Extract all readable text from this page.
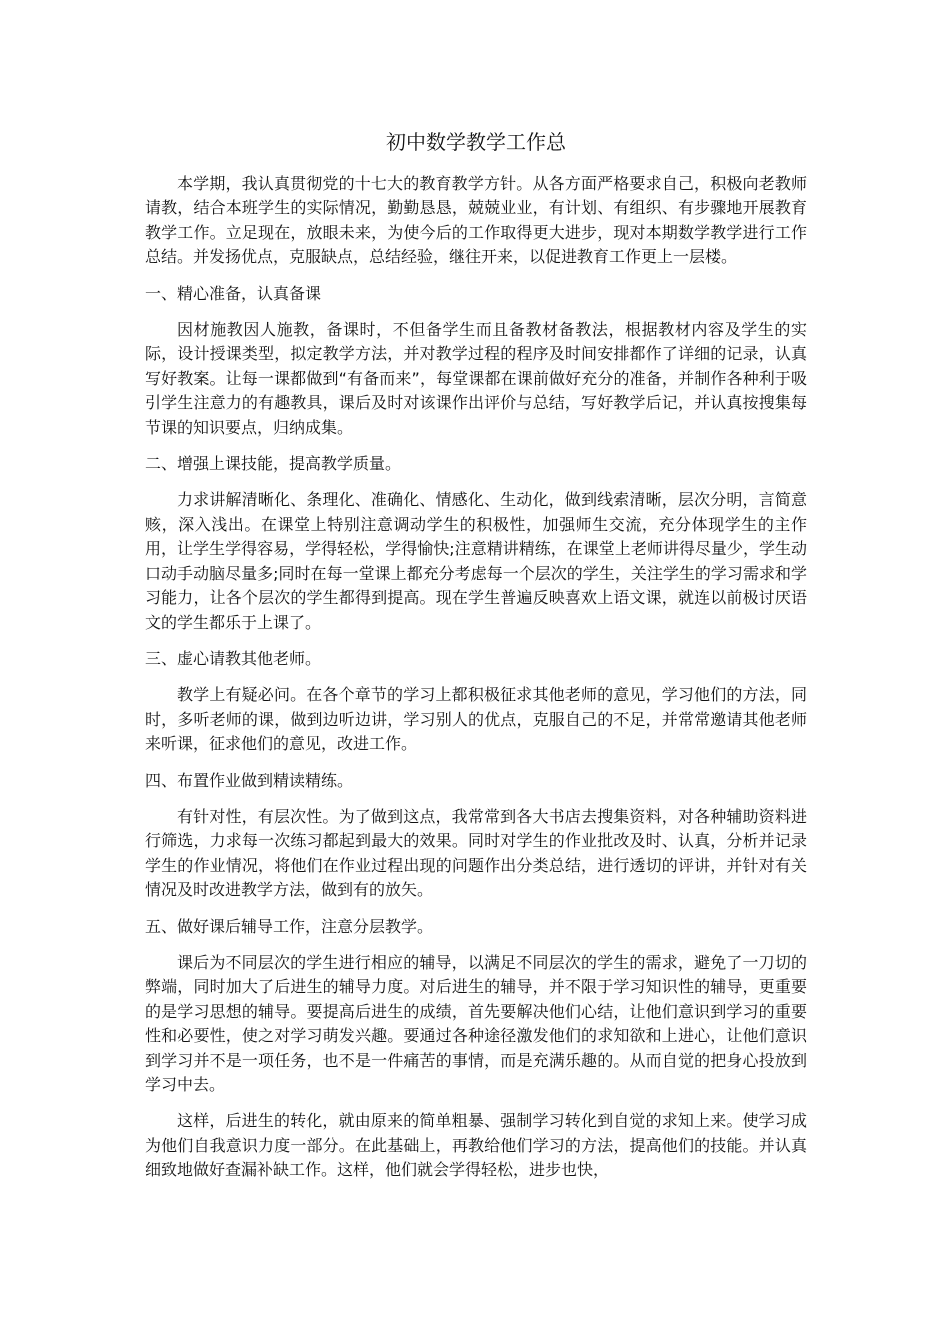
初中数学教学工作总

本学期，我认真贯彻党的十七大的教育教学方针。从各方面严格要求自己，积极向老教师请教，结合本班学生的实际情况，勤勤恳恳，兢兢业业，有计划、有组织、有步骤地开展教育教学工作。立足现在，放眼未来，为使今后的工作取得更大进步，现对本期数学教学进行工作总结。并发扬优点，克服缺点，总结经验，继往开来，以促进教育工作更上一层楼。

一、精心准备，认真备课

因材施教因人施教，备课时，不但备学生而且备教材备教法，根据教材内容及学生的实际，设计授课类型，拟定教学方法，并对教学过程的程序及时间安排都作了详细的记录，认真写好教案。让每一课都做到“有备而来”，每堂课都在课前做好充分的准备，并制作各种利于吸引学生注意力的有趣教具，课后及时对该课作出评价与总结，写好教学后记，并认真按搜集每节课的知识要点，归纳成集。

二、增强上课技能，提高教学质量。

力求讲解清晰化、条理化、准确化、情感化、生动化，做到线索清晰，层次分明，言简意赅，深入浅出。在课堂上特别注意调动学生的积极性，加强师生交流，充分体现学生的主作用，让学生学得容易，学得轻松，学得愉快;注意精讲精练，在课堂上老师讲得尽量少，学生动口动手动脑尽量多;同时在每一堂课上都充分考虑每一个层次的学生，关注学生的学习需求和学习能力，让各个层次的学生都得到提高。现在学生普遍反映喜欢上语文课，就连以前极讨厌语文的学生都乐于上课了。

三、虚心请教其他老师。

教学上有疑必问。在各个章节的学习上都积极征求其他老师的意见，学习他们的方法，同时，多听老师的课，做到边听边讲，学习别人的优点，克服自己的不足，并常常邀请其他老师来听课，征求他们的意见，改进工作。

四、布置作业做到精读精练。

有针对性，有层次性。为了做到这点，我常常到各大书店去搜集资料，对各种辅助资料进行筛选，力求每一次练习都起到最大的效果。同时对学生的作业批改及时、认真，分析并记录学生的作业情况，将他们在作业过程出现的问题作出分类总结，进行透切的评讲，并针对有关情况及时改进教学方法，做到有的放矢。

五、做好课后辅导工作，注意分层教学。

课后为不同层次的学生进行相应的辅导，以满足不同层次的学生的需求，避免了一刀切的弊端，同时加大了后进生的辅导力度。对后进生的辅导，并不限于学习知识性的辅导，更重要的是学习思想的辅导。要提高后进生的成绩，首先要解决他们心结，让他们意识到学习的重要性和必要性，使之对学习萌发兴趣。要通过各种途径激发他们的求知欲和上进心，让他们意识到学习并不是一项任务，也不是一件痛苦的事情，而是充满乐趣的。从而自觉的把身心投放到学习中去。

这样，后进生的转化，就由原来的简单粗暴、强制学习转化到自觉的求知上来。使学习成为他们自我意识力度一部分。在此基础上，再教给他们学习的方法，提高他们的技能。并认真细致地做好查漏补缺工作。这样，他们就会学得轻松，进步也快，
